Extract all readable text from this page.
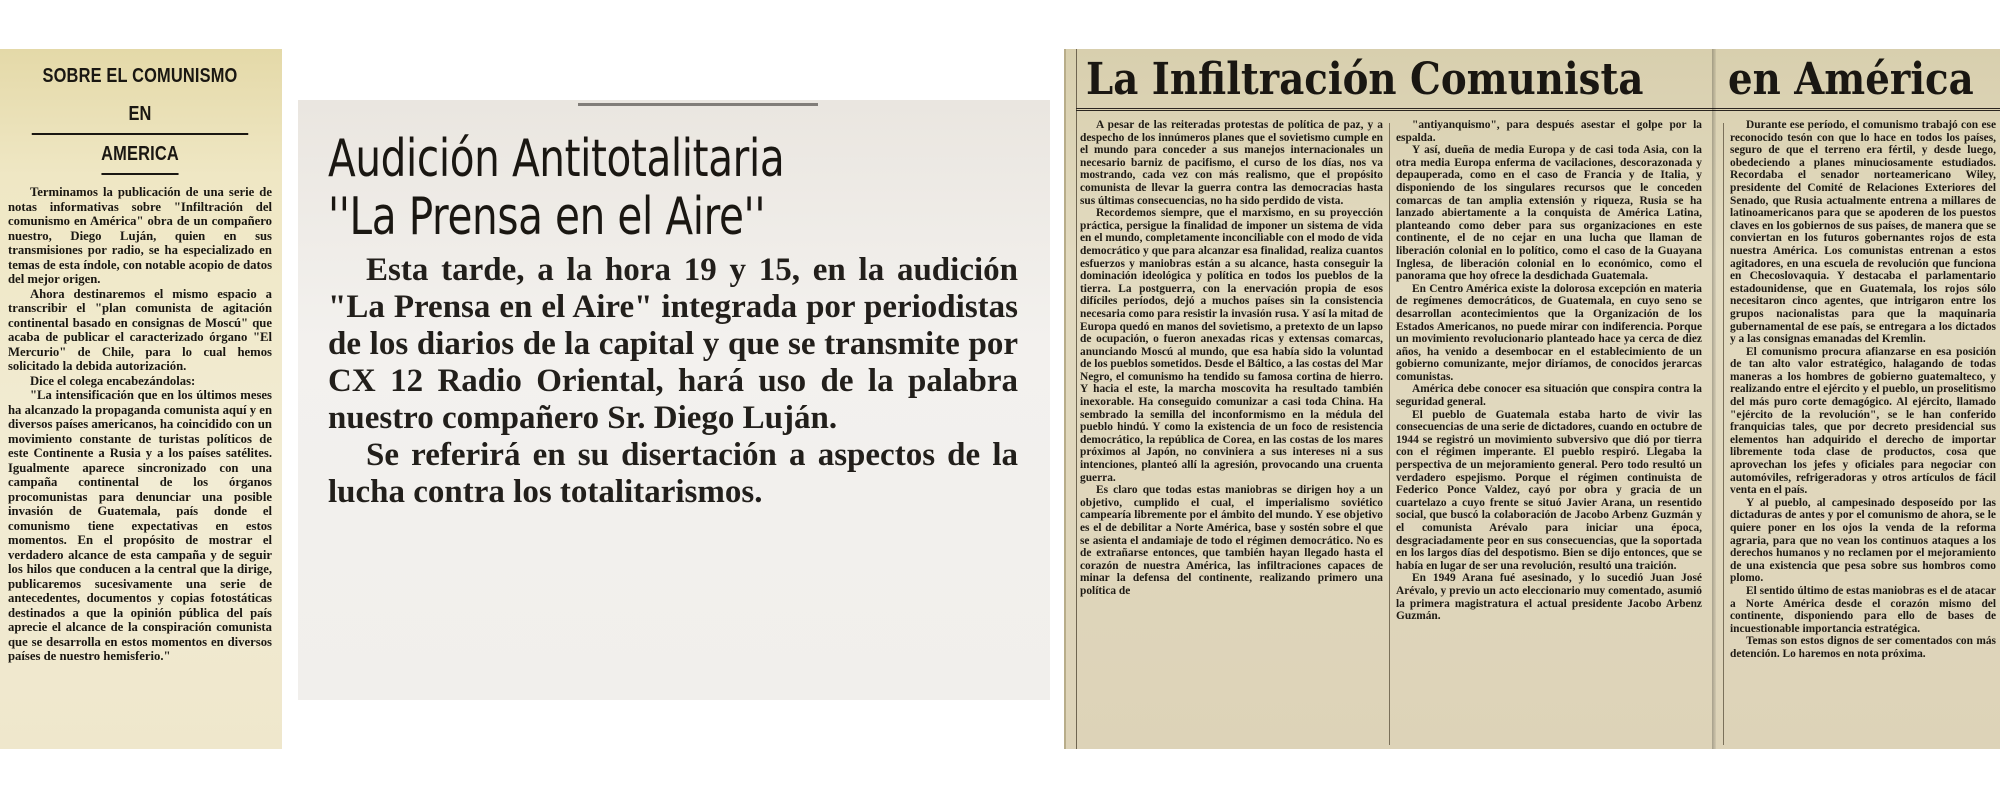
SOBRE EL COMUNISMO EN
AMERICA

Terminamos la publicación de una serie de notas informativas sobre "Infiltración del comunismo en América" obra de un compañero nuestro, Diego Luján, quien en sus transmisiones por radio, se ha especializado en temas de esta índole, con notable acopio de datos del mejor origen.

Ahora destinaremos el mismo espacio a transcribir el "plan comunista de agitación continental basado en consignas de Moscú" que acaba de publicar el caracterizado órgano "El Mercurio" de Chile, para lo cual hemos solicitado la debida autorización.

Dice el colega encabezándolas:

"La intensificación que en los últimos meses ha alcanzado la propaganda comunista aquí y en diversos países americanos, ha coincidido con un movimiento constante de turistas políticos de este Continente a Rusia y a los países satélites. Igualmente aparece sincronizado con una campaña continental de los órganos procomunistas para denunciar una posible invasión de Guatemala, país donde el comunismo tiene expectativas en estos momentos. En el propósito de mostrar el verdadero alcance de esta campaña y de seguir los hilos que conducen a la central que la dirige, publicaremos sucesivamente una serie de antecedentes, documentos y copias fotostáticas destinados a que la opinión pública del país aprecie el alcance de la conspiración comunista que se desarrolla en estos momentos en diversos países de nuestro hemisferio."

Audición Antitotalitaria
''La Prensa en el Aire''

Esta tarde, a la hora 19 y 15, en la audición "La Prensa en el Aire" integrada por periodistas de los diarios de la capital y que se transmite por CX 12 Radio Oriental, hará uso de la palabra nuestro compañero Sr. Diego Luján.

Se referirá en su disertación a aspectos de la lucha contra los totalitarismos.

La Infiltración Comunista en América

A pesar de las reiteradas protestas de política de paz, y a despecho de los innúmeros planes que el sovietismo cumple en el mundo para conceder a sus manejos internacionales un necesario barniz de pacifismo, el curso de los días, nos va mostrando, cada vez con más realismo, que el propósito comunista de llevar la guerra contra las democracias hasta sus últimas consecuencias, no ha sido perdido de vista.

Recordemos siempre, que el marxismo, en su proyección práctica, persigue la finalidad de imponer un sistema de vida en el mundo, completamente inconciliable con el modo de vida democrático y que para alcanzar esa finalidad, realiza cuantos esfuerzos y maniobras están a su alcance, hasta conseguir la dominación ideológica y política en todos los pueblos de la tierra. La postguerra, con la enervación propia de esos difíciles períodos, dejó a muchos países sin la consistencia necesaria como para resistir la invasión rusa. Y así la mitad de Europa quedó en manos del sovietismo, a pretexto de un lapso de ocupación, o fueron anexadas ricas y extensas comarcas, anunciando Moscú al mundo, que esa había sido la voluntad de los pueblos sometidos. Desde el Báltico, a las costas del Mar Negro, el comunismo ha tendido su famosa cortina de hierro. Y hacia el este, la marcha moscovita ha resultado también inexorable. Ha conseguido comunizar a casi toda China. Ha sembrado la semilla del inconformismo en la médula del pueblo hindú. Y como la existencia de un foco de resistencia democrático, la república de Corea, en las costas de los mares próximos al Japón, no conviniera a sus intereses ni a sus intenciones, planteó allí la agresión, provocando una cruenta guerra.

Es claro que todas estas maniobras se dirigen hoy a un objetivo, cumplido el cual, el imperialismo soviético campearía libremente por el ámbito del mundo. Y ese objetivo es el de debilitar a Norte América, base y sostén sobre el que se asienta el andamiaje de todo el régimen democrático. No es de extrañarse entonces, que también hayan llegado hasta el corazón de nuestra América, las infiltraciones capaces de minar la defensa del continente, realizando primero una política de

"antiyanquismo", para después asestar el golpe por la espalda.

Y así, dueña de media Europa y de casi toda Asia, con la otra media Europa enferma de vacilaciones, descorazonada y depauperada, como en el caso de Francia y de Italia, y disponiendo de los singulares recursos que le conceden comarcas de tan amplia extensión y riqueza, Rusia se ha lanzado abiertamente a la conquista de América Latina, planteando como deber para sus organizaciones en este continente, el de no cejar en una lucha que llaman de liberación colonial en lo político, como el caso de la Guayana Inglesa, de liberación colonial en lo económico, como el panorama que hoy ofrece la desdichada Guatemala.

En Centro América existe la dolorosa excepción en materia de regímenes democráticos, de Guatemala, en cuyo seno se desarrollan acontecimientos que la Organización de los Estados Americanos, no puede mirar con indiferencia. Porque un movimiento revolucionario planteado hace ya cerca de diez años, ha venido a desembocar en el establecimiento de un gobierno comunizante, mejor diríamos, de conocidos jerarcas comunistas.

América debe conocer esa situación que conspira contra la seguridad general.

El pueblo de Guatemala estaba harto de vivir las consecuencias de una serie de dictadores, cuando en octubre de 1944 se registró un movimiento subversivo que dió por tierra con el régimen imperante. El pueblo respiró. Llegaba la perspectiva de un mejoramiento general. Pero todo resultó un verdadero espejismo. Porque el régimen continuista de Federico Ponce Valdez, cayó por obra y gracia de un cuartelazo a cuyo frente se situó Javier Arana, un resentido social, que buscó la colaboración de Jacobo Arbenz Guzmán y el comunista Arévalo para iniciar una época, desgraciadamente peor en sus consecuencias, que la soportada en los largos días del despotismo. Bien se dijo entonces, que se había en lugar de ser una revolución, resultó una traición.

En 1949 Arana fué asesinado, y lo sucedió Juan José Arévalo, y previo un acto eleccionario muy comentado, asumió la primera magistratura el actual presidente Jacobo Arbenz Guzmán.

Durante ese período, el comunismo trabajó con ese reconocido tesón con que lo hace en todos los países, seguro de que el terreno era fértil, y desde luego, obedeciendo a planes minuciosamente estudiados. Recordaba el senador norteamericano Wiley, presidente del Comité de Relaciones Exteriores del Senado, que Rusia actualmente entrena a millares de latinoamericanos para que se apoderen de los puestos claves en los gobiernos de sus países, de manera que se conviertan en los futuros gobernantes rojos de esta nuestra América. Los comunistas entrenan a estos agitadores, en una escuela de revolución que funciona en Checoslovaquia. Y destacaba el parlamentario estadounidense, que en Guatemala, los rojos sólo necesitaron cinco agentes, que intrigaron entre los grupos nacionalistas para que la maquinaria gubernamental de ese país, se entregara a los dictados y a las consignas emanadas del Kremlin.

El comunismo procura afianzarse en esa posición de tan alto valor estratégico, halagando de todas maneras a los hombres de gobierno guatemalteco, y realizando entre el ejército y el pueblo, un proselitismo del más puro corte demagógico. Al ejército, llamado "ejército de la revolución", se le han conferido franquicias tales, que por decreto presidencial sus elementos han adquirido el derecho de importar libremente toda clase de productos, cosa que aprovechan los jefes y oficiales para negociar con automóviles, refrigeradoras y otros artículos de fácil venta en el país.

Y al pueblo, al campesinado desposeído por las dictaduras de antes y por el comunismo de ahora, se le quiere poner en los ojos la venda de la reforma agraria, para que no vean los continuos ataques a los derechos humanos y no reclamen por el mejoramiento de una existencia que pesa sobre sus hombros como plomo.

El sentido último de estas maniobras es el de atacar a Norte América desde el corazón mismo del continente, disponiendo para ello de bases de incuestionable importancia estratégica.

Temas son estos dignos de ser comentados con más detención. Lo haremos en nota próxima.
